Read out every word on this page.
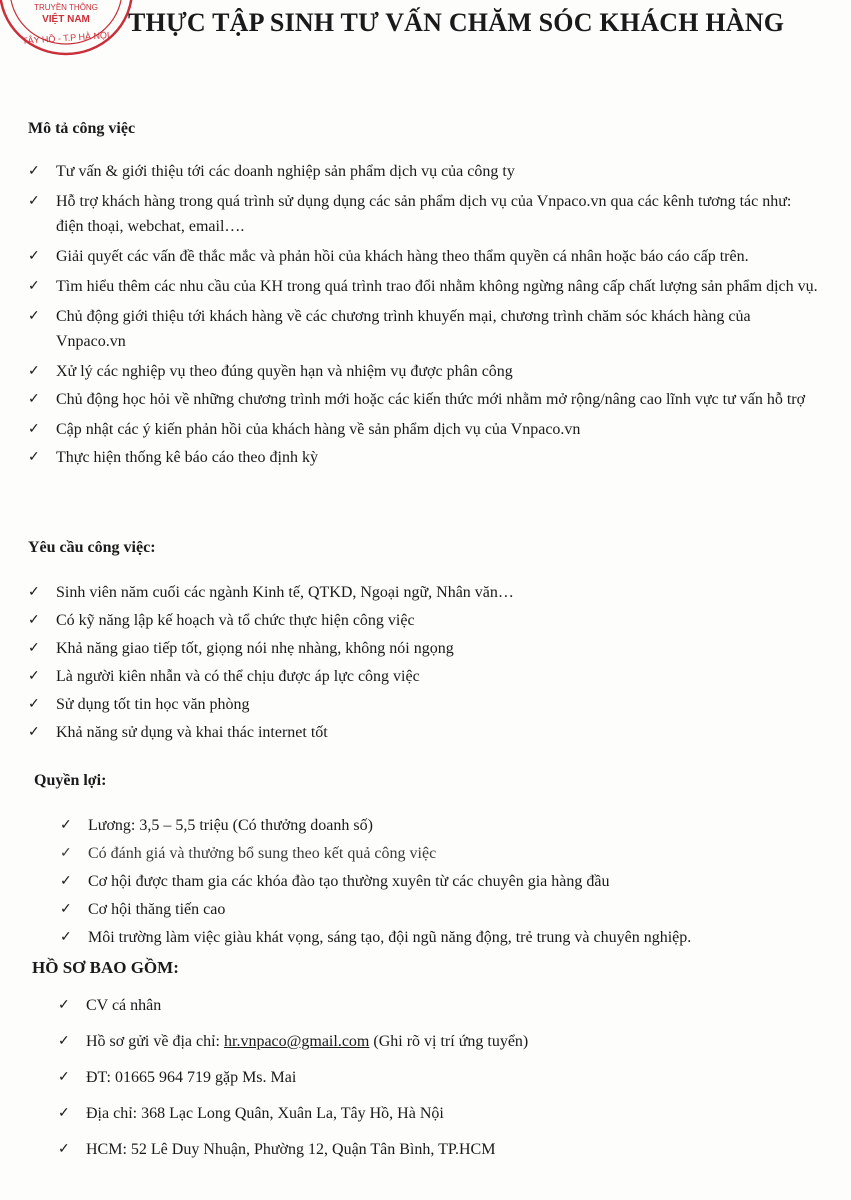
TRUYỀN THÔNG
VIỆT NAM
TÂY HỒ - T.P HÀ NỘI
THỰC TẬP SINH TƯ VẤN CHĂM SÓC KHÁCH HÀNG
Mô tả công việc
✓	Tư vấn & giới thiệu tới các doanh nghiệp sản phẩm dịch vụ của công ty
✓	Hỗ trợ khách hàng trong quá trình sử dụng dụng các sản phẩm dịch vụ của Vnpaco.vn qua các kênh tương tác như: điện thoại, webchat, email….
✓	Giải quyết các vấn đề thắc mắc và phản hồi của khách hàng theo thẩm quyền cá nhân hoặc báo cáo cấp trên.
✓	Tìm hiểu thêm các nhu cầu của KH trong quá trình trao đổi nhằm không ngừng nâng cấp chất lượng sản phẩm dịch vụ.
✓	Chủ động giới thiệu tới khách hàng về các chương trình khuyến mại, chương trình chăm sóc khách hàng của Vnpaco.vn
✓	Xử lý các nghiệp vụ theo đúng quyền hạn và nhiệm vụ được phân công
✓	Chủ động học hỏi về những chương trình mới hoặc các kiến thức mới nhằm mở rộng/nâng cao lĩnh vực tư vấn hỗ trợ
✓	Cập nhật các ý kiến phản hồi của khách hàng về sản phẩm dịch vụ của Vnpaco.vn
✓	Thực hiện thống kê báo cáo theo định kỳ
Yêu cầu công việc:
✓	Sinh viên năm cuối các ngành Kinh tế, QTKD, Ngoại ngữ, Nhân văn…
✓	Có kỹ năng lập kế hoạch và tổ chức thực hiện công việc
✓	Khả năng giao tiếp tốt, giọng nói nhẹ nhàng, không nói ngọng
✓	Là người kiên nhẫn và có thể chịu được áp lực công việc
✓	Sử dụng tốt tin học văn phòng
✓	Khả năng sử dụng và khai thác internet tốt
Quyền lợi:
✓	Lương: 3,5 – 5,5 triệu (Có thưởng doanh số)
✓	Có đánh giá và thưởng bổ sung theo kết quả công việc
✓	Cơ hội được tham gia các khóa đào tạo thường xuyên từ các chuyên gia hàng đầu
✓	Cơ hội thăng tiến cao
✓	Môi trường làm việc giàu khát vọng, sáng tạo, đội ngũ năng động, trẻ trung và chuyên nghiệp.
HỒ SƠ BAO GỒM:
✓	CV cá nhân
✓	Hồ sơ gửi về địa chỉ: hr.vnpaco@gmail.com (Ghi rõ vị trí ứng tuyển)
✓	ĐT: 01665 964 719 gặp Ms. Mai
✓	Địa chỉ: 368 Lạc Long Quân, Xuân La, Tây Hồ, Hà Nội
✓	HCM: 52 Lê Duy Nhuận, Phường 12, Quận Tân Bình, TP.HCM
